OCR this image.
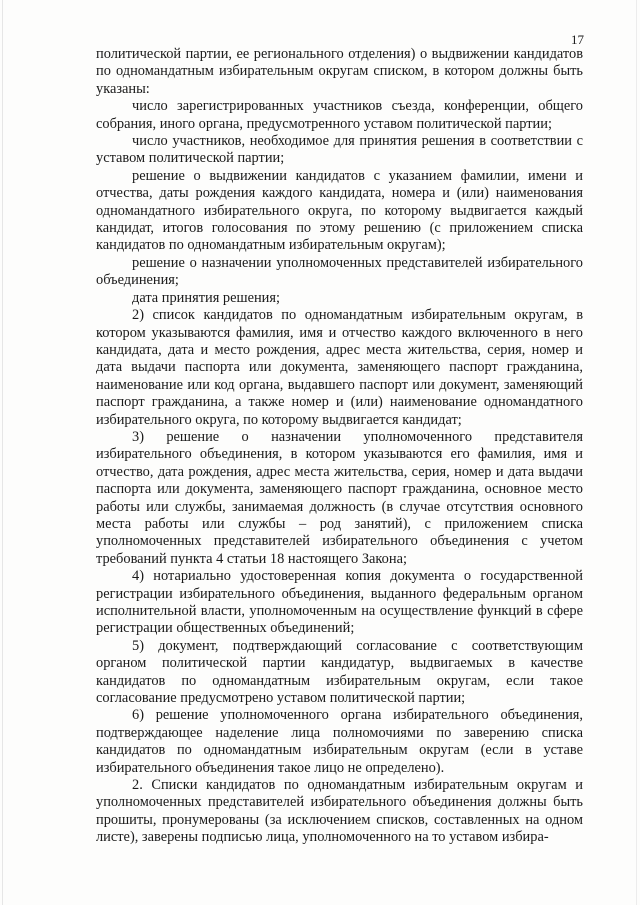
17

политической партии, ее регионального отделения) о выдвижении кандидатов по одномандатным избирательным округам списком, в котором должны быть указаны:

число зарегистрированных участников съезда, конференции, общего собрания, иного органа, предусмотренного уставом политической партии;

число участников, необходимое для принятия решения в соответствии с уставом политической партии;

решение о выдвижении кандидатов с указанием фамилии, имени и отчества, даты рождения каждого кандидата, номера и (или) наименования одномандатного избирательного округа, по которому выдвигается каждый кандидат, итогов голосования по этому решению (с приложением списка кандидатов по одномандатным избирательным округам);

решение о назначении уполномоченных представителей избирательного объединения;

дата принятия решения;

2) список кандидатов по одномандатным избирательным округам, в котором указываются фамилия, имя и отчество каждого включенного в него кандидата, дата и место рождения, адрес места жительства, серия, номер и дата выдачи паспорта или документа, заменяющего паспорт гражданина, наименование или код органа, выдавшего паспорт или документ, заменяющий паспорт гражданина, а также номер и (или) наименование одномандатного избирательного округа, по которому выдвигается кандидат;

3) решение о назначении уполномоченного представителя избирательного объединения, в котором указываются его фамилия, имя и отчество, дата рождения, адрес места жительства, серия, номер и дата выдачи паспорта или документа, заменяющего паспорт гражданина, основное место работы или службы, занимаемая должность (в случае отсутствия основного места работы или службы – род занятий), с приложением списка уполномоченных представителей избирательного объединения с учетом требований пункта 4 статьи 18 настоящего Закона;

4) нотариально удостоверенная копия документа о государственной регистрации избирательного объединения, выданного федеральным органом исполнительной власти, уполномоченным на осуществление функций в сфере регистрации общественных объединений;

5) документ, подтверждающий согласование с соответствующим органом политической партии кандидатур, выдвигаемых в качестве кандидатов по одномандатным избирательным округам, если такое согласование предусмотрено уставом политической партии;

6) решение уполномоченного органа избирательного объединения, подтверждающее наделение лица полномочиями по заверению списка кандидатов по одномандатным избирательным округам (если в уставе избирательного объединения такое лицо не определено).

2. Списки кандидатов по одномандатным избирательным округам и уполномоченных представителей избирательного объединения должны быть прошиты, пронумерованы (за исключением списков, составленных на одном листе), заверены подписью лица, уполномоченного на то уставом избира-
